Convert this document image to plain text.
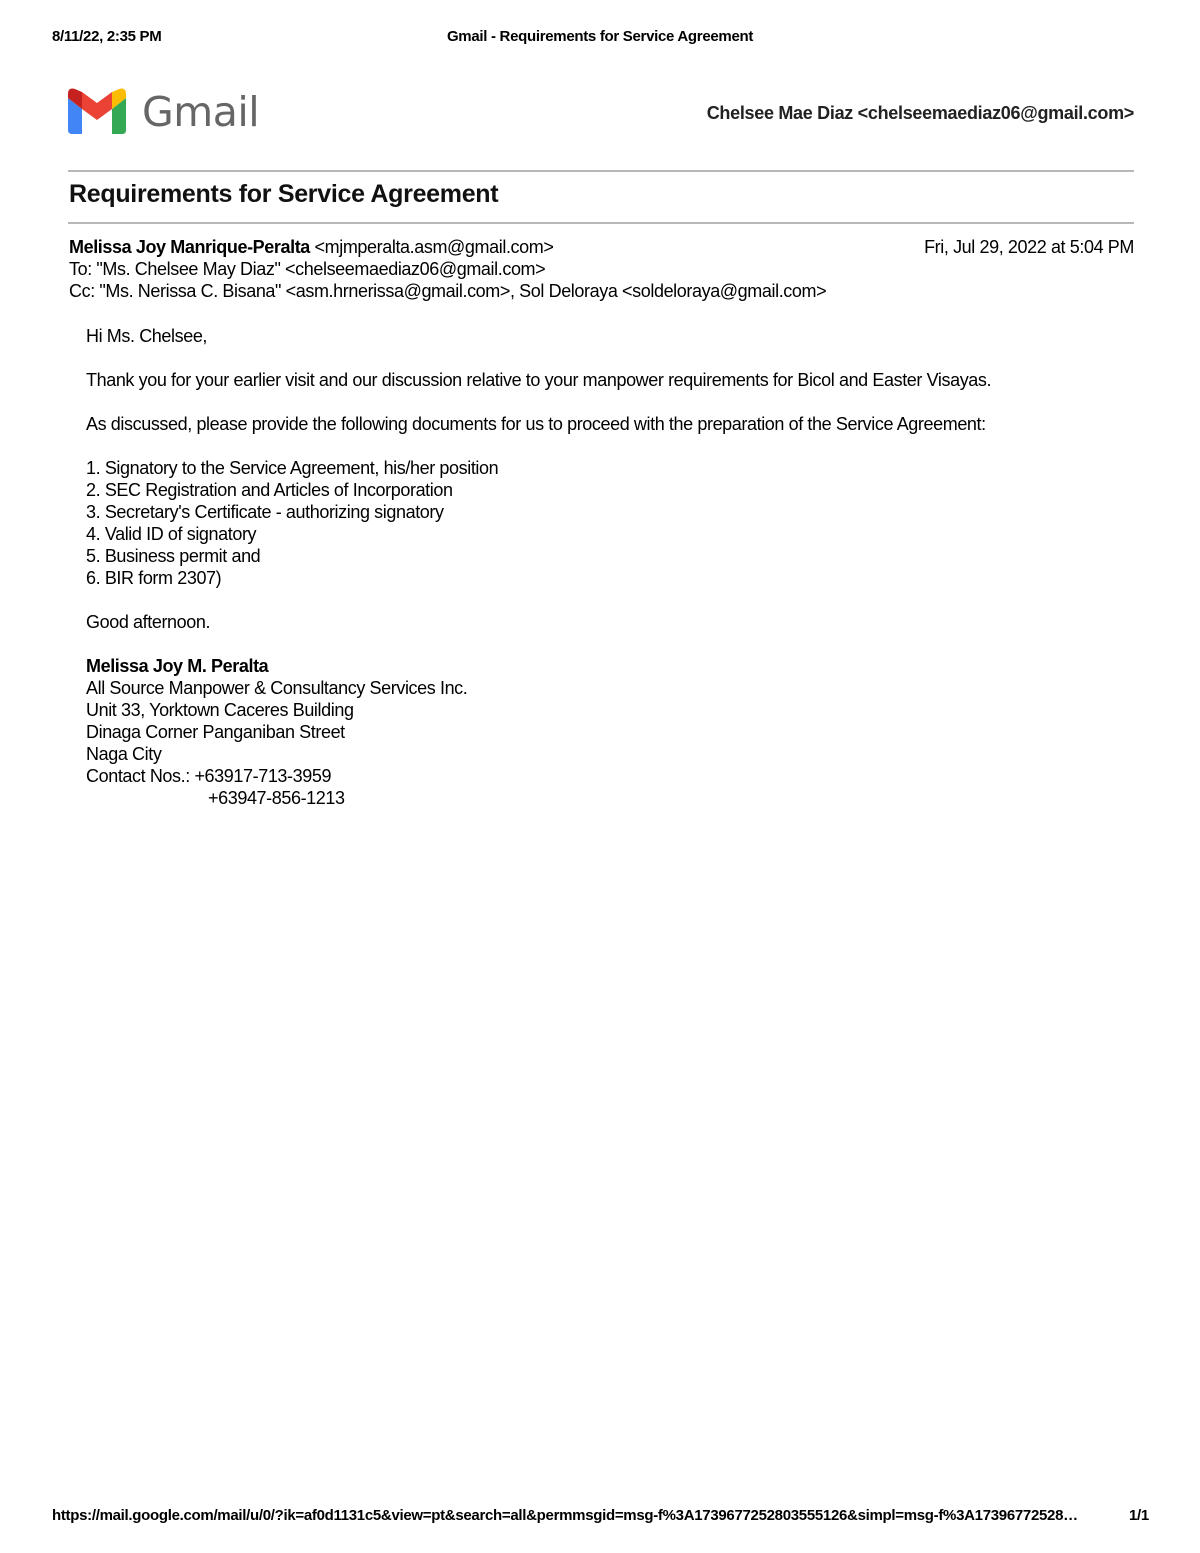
8/11/22, 2:35 PM	Gmail - Requirements for Service Agreement
Gmail	Chelsee Mae Diaz <chelseemaediaz06@gmail.com>
Requirements for Service Agreement
Melissa Joy Manrique-Peralta <mjmperalta.asm@gmail.com>	Fri, Jul 29, 2022 at 5:04 PM
To: "Ms. Chelsee May Diaz" <chelseemaediaz06@gmail.com>
Cc: "Ms. Nerissa C. Bisana" <asm.hrnerissa@gmail.com>, Sol Deloraya <soldeloraya@gmail.com>

Hi Ms. Chelsee,

Thank you for your earlier visit and our discussion relative to your manpower requirements for Bicol and Easter Visayas.

As discussed, please provide the following documents for us to proceed with the preparation of the Service Agreement:

1. Signatory to the Service Agreement, his/her position
2. SEC Registration and Articles of Incorporation
3. Secretary's Certificate - authorizing signatory
4. Valid ID of signatory
5. Business permit and
6. BIR form 2307)

Good afternoon.

Melissa Joy M. Peralta
All Source Manpower & Consultancy Services Inc.
Unit 33, Yorktown Caceres Building
Dinaga Corner Panganiban Street
Naga City
Contact Nos.: +63917-713-3959
+63947-856-1213
https://mail.google.com/mail/u/0/?ik=af0d1131c5&view=pt&search=all&permmsgid=msg-f%3A1739677252803555126&simpl=msg-f%3A17396772528…	1/1
